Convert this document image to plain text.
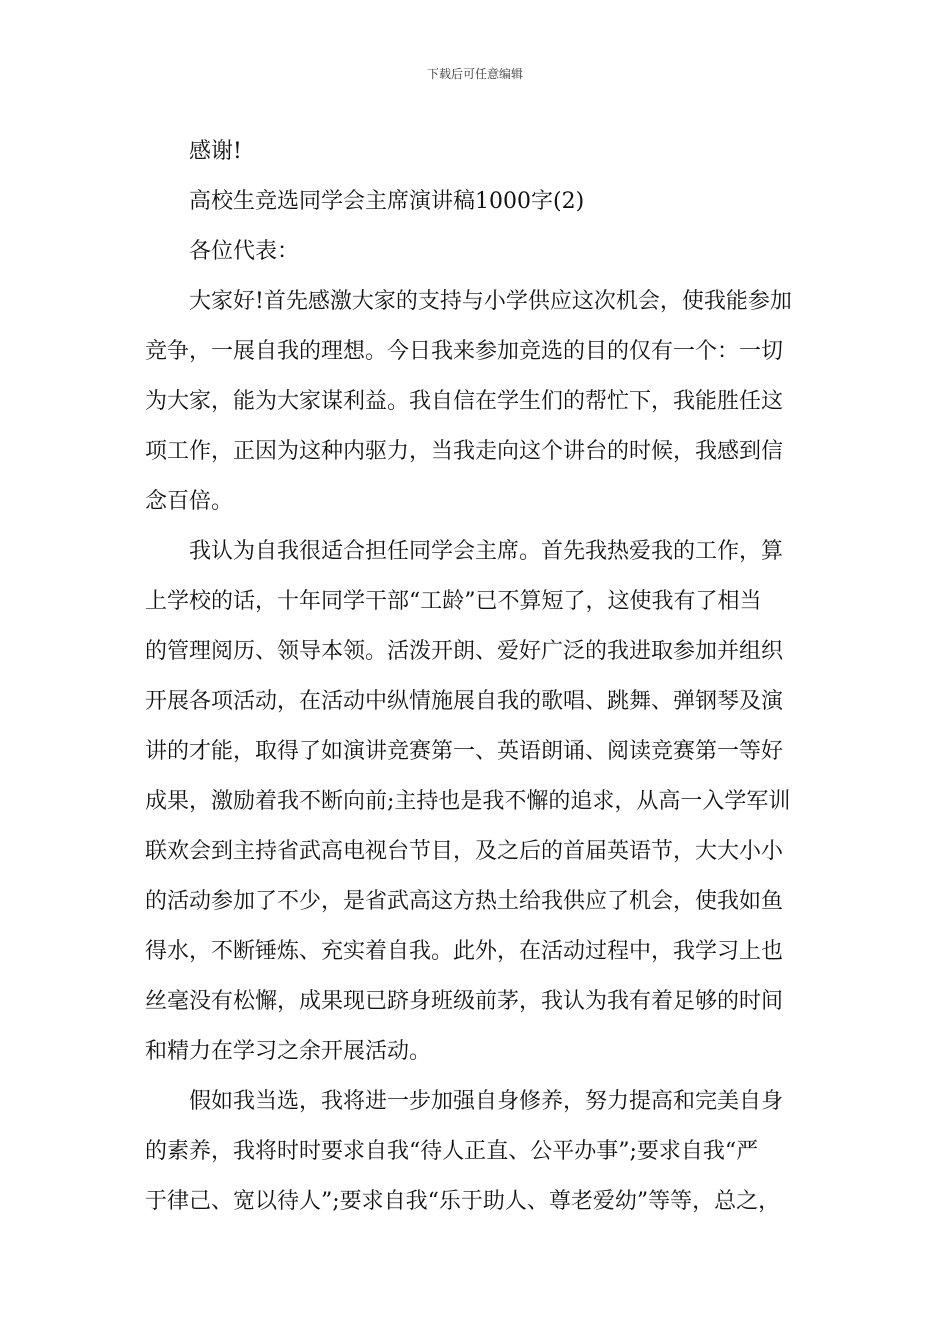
下载后可任意编辑
感谢!
高校生竞选同学会主席演讲稿1000字(2)
各位代表：
大家好!首先感激大家的支持与小学供应这次机会，使我能参加
竞争，一展自我的理想。今日我来参加竞选的目的仅有一个：一切
为大家，能为大家谋利益。我自信在学生们的帮忙下，我能胜任这
项工作，正因为这种内驱力，当我走向这个讲台的时候，我感到信
念百倍。
我认为自我很适合担任同学会主席。首先我热爱我的工作，算
上学校的话，十年同学干部“工龄”已不算短了，这使我有了相当
的管理阅历、领导本领。活泼开朗、爱好广泛的我进取参加并组织
开展各项活动，在活动中纵情施展自我的歌唱、跳舞、弹钢琴及演
讲的才能，取得了如演讲竞赛第一、英语朗诵、阅读竞赛第一等好
成果，激励着我不断向前;主持也是我不懈的追求，从高一入学军训
联欢会到主持省武高电视台节目，及之后的首届英语节，大大小小
的活动参加了不少，是省武高这方热土给我供应了机会，使我如鱼
得水，不断锤炼、充实着自我。此外，在活动过程中，我学习上也
丝毫没有松懈，成果现已跻身班级前茅，我认为我有着足够的时间
和精力在学习之余开展活动。
假如我当选，我将进一步加强自身修养，努力提高和完美自身
的素养，我将时时要求自我“待人正直、公平办事”;要求自我“严
于律己、宽以待人”;要求自我“乐于助人、尊老爱幼”等等，总之，
